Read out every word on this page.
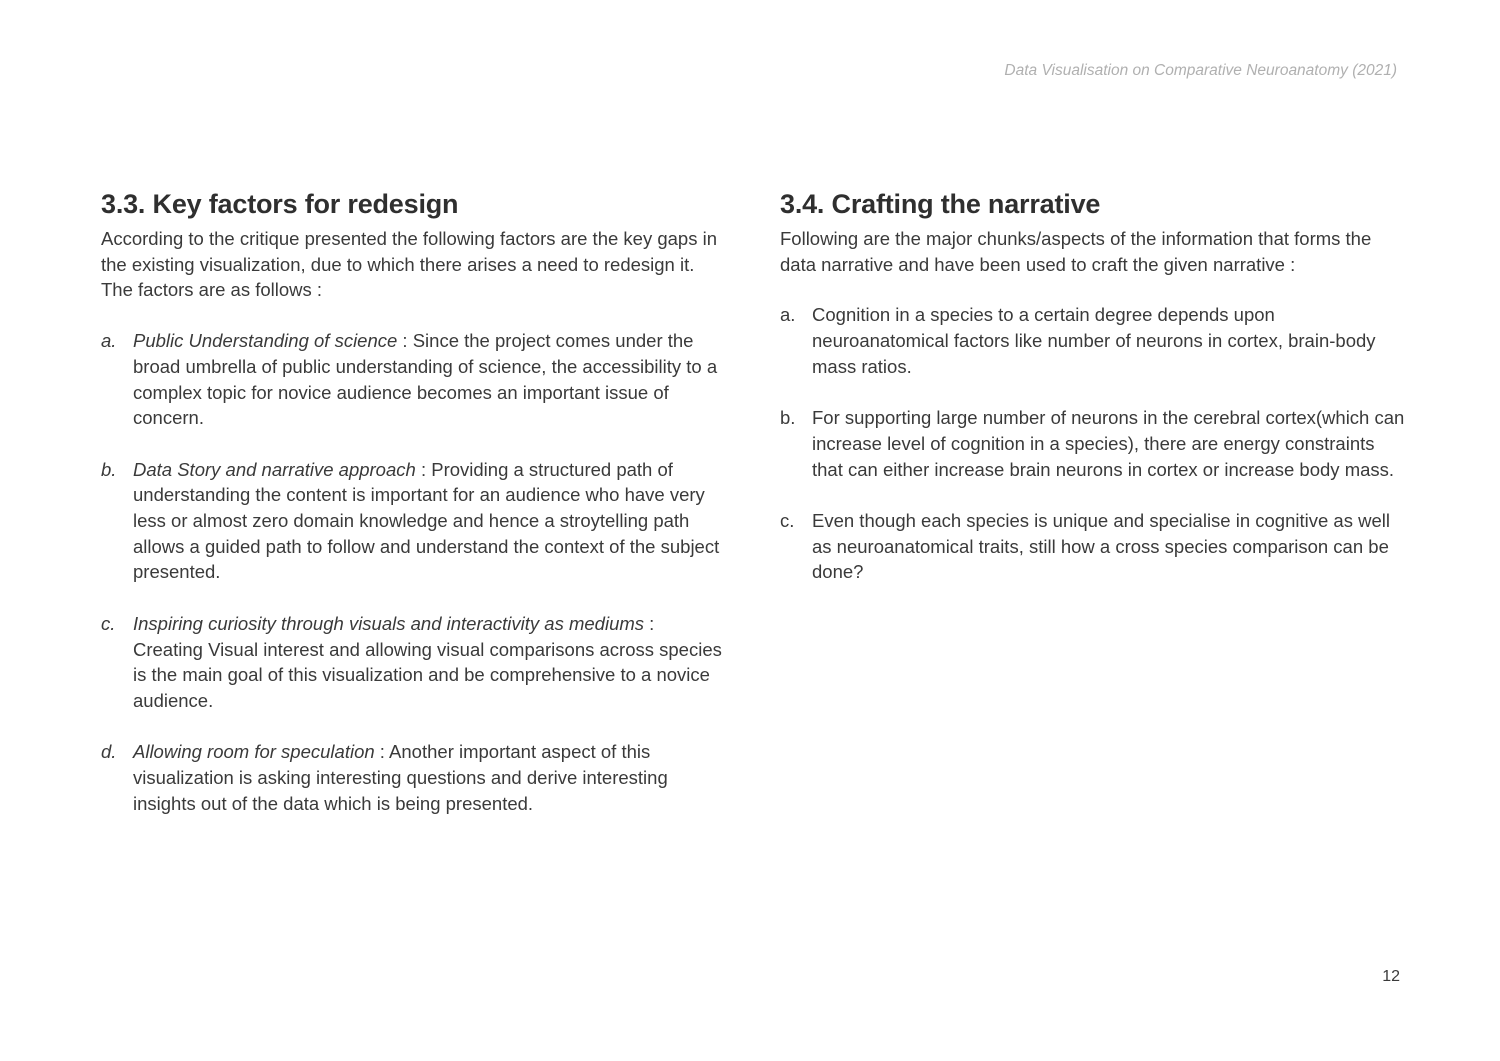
Data Visualisation on Comparative Neuroanatomy (2021)
3.3. Key factors for redesign

According to the critique presented the following factors are the key gaps in the existing visualization, due to which there arises a need to redesign it. The factors are as follows :

a. Public Understanding of science : Since the project comes under the broad umbrella of public understanding of science, the accessibility to a complex topic for novice audience becomes an important issue of concern.
b. Data Story and narrative approach : Providing a structured path of understanding the content is important for an audience who have very less or almost zero domain knowledge and hence a stroytelling path allows a guided path to follow and understand the context of the subject presented.
c. Inspiring curiosity through visuals and interactivity as mediums : Creating Visual interest and allowing visual comparisons across species is the main goal of this visualization and be comprehensive to a novice audience.
d. Allowing room for speculation : Another important aspect of this visualization is asking interesting questions and derive interesting insights out of the data which is being presented.
3.4. Crafting the narrative

Following are the major chunks/aspects of the information that forms the data narrative and have been used to craft the given narrative :

a. Cognition in a species to a certain degree depends upon neuroanatomical factors like number of neurons in cortex, brain-body mass ratios.
b. For supporting large number of neurons in the cerebral cortex(which can increase level of cognition in a species), there are energy constraints that can either increase brain neurons in cortex or increase body mass.
c. Even though each species is unique and specialise in cognitive as well as neuroanatomical traits, still how a cross species comparison can be done?
12
